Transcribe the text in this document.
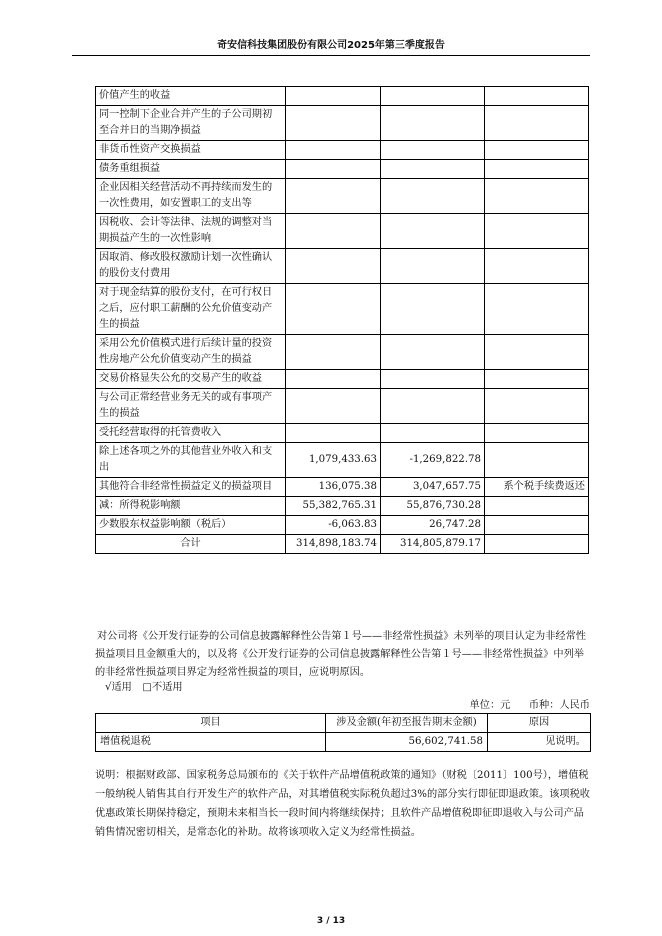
奇安信科技集团股份有限公司2025年第三季度报告
价值产生的收益			
同一控制下企业合并产生的子公司期初至合并日的当期净损益			
非货币性资产交换损益			
债务重组损益			
企业因相关经营活动不再持续而发生的一次性费用，如安置职工的支出等			
因税收、会计等法律、法规的调整对当期损益产生的一次性影响			
因取消、修改股权激励计划一次性确认的股份支付费用			
对于现金结算的股份支付，在可行权日之后，应付职工薪酬的公允价值变动产生的损益			
采用公允价值模式进行后续计量的投资性房地产公允价值变动产生的损益			
交易价格显失公允的交易产生的收益			
与公司正常经营业务无关的或有事项产生的损益			
受托经营取得的托管费收入			
除上述各项之外的其他营业外收入和支出	1,079,433.63	-1,269,822.78	
其他符合非经常性损益定义的损益项目	136,075.38	3,047,657.75	系个税手续费返还
减：所得税影响额	55,382,765.31	55,876,730.28	
少数股东权益影响额（税后）	-6,063.83	26,747.28	
合计	314,898,183.74	314,805,879.17	
对公司将《公开发行证券的公司信息披露解释性公告第１号——非经常性损益》未列举的项目认定为非经常性损益项目且金额重大的，以及将《公开发行证券的公司信息披露解释性公告第１号——非经常性损益》中列举的非经常性损益项目界定为经常性损益的项目，应说明原因。
√适用 □不适用
单位：元 币种：人民币
项目	涉及金额(年初至报告期末金额)	原因
增值税退税	56,602,741.58	见说明。
说明：根据财政部、国家税务总局颁布的《关于软件产品增值税政策的通知》（财税〔2011〕100号），增值税一般纳税人销售其自行开发生产的软件产品，对其增值税实际税负超过3%的部分实行即征即退政策。该项税收优惠政策长期保持稳定，预期未来相当长一段时间内将继续保持；且软件产品增值税即征即退收入与公司产品销售情况密切相关，是常态化的补助。故将该项收入定义为经常性损益。
3 / 13
